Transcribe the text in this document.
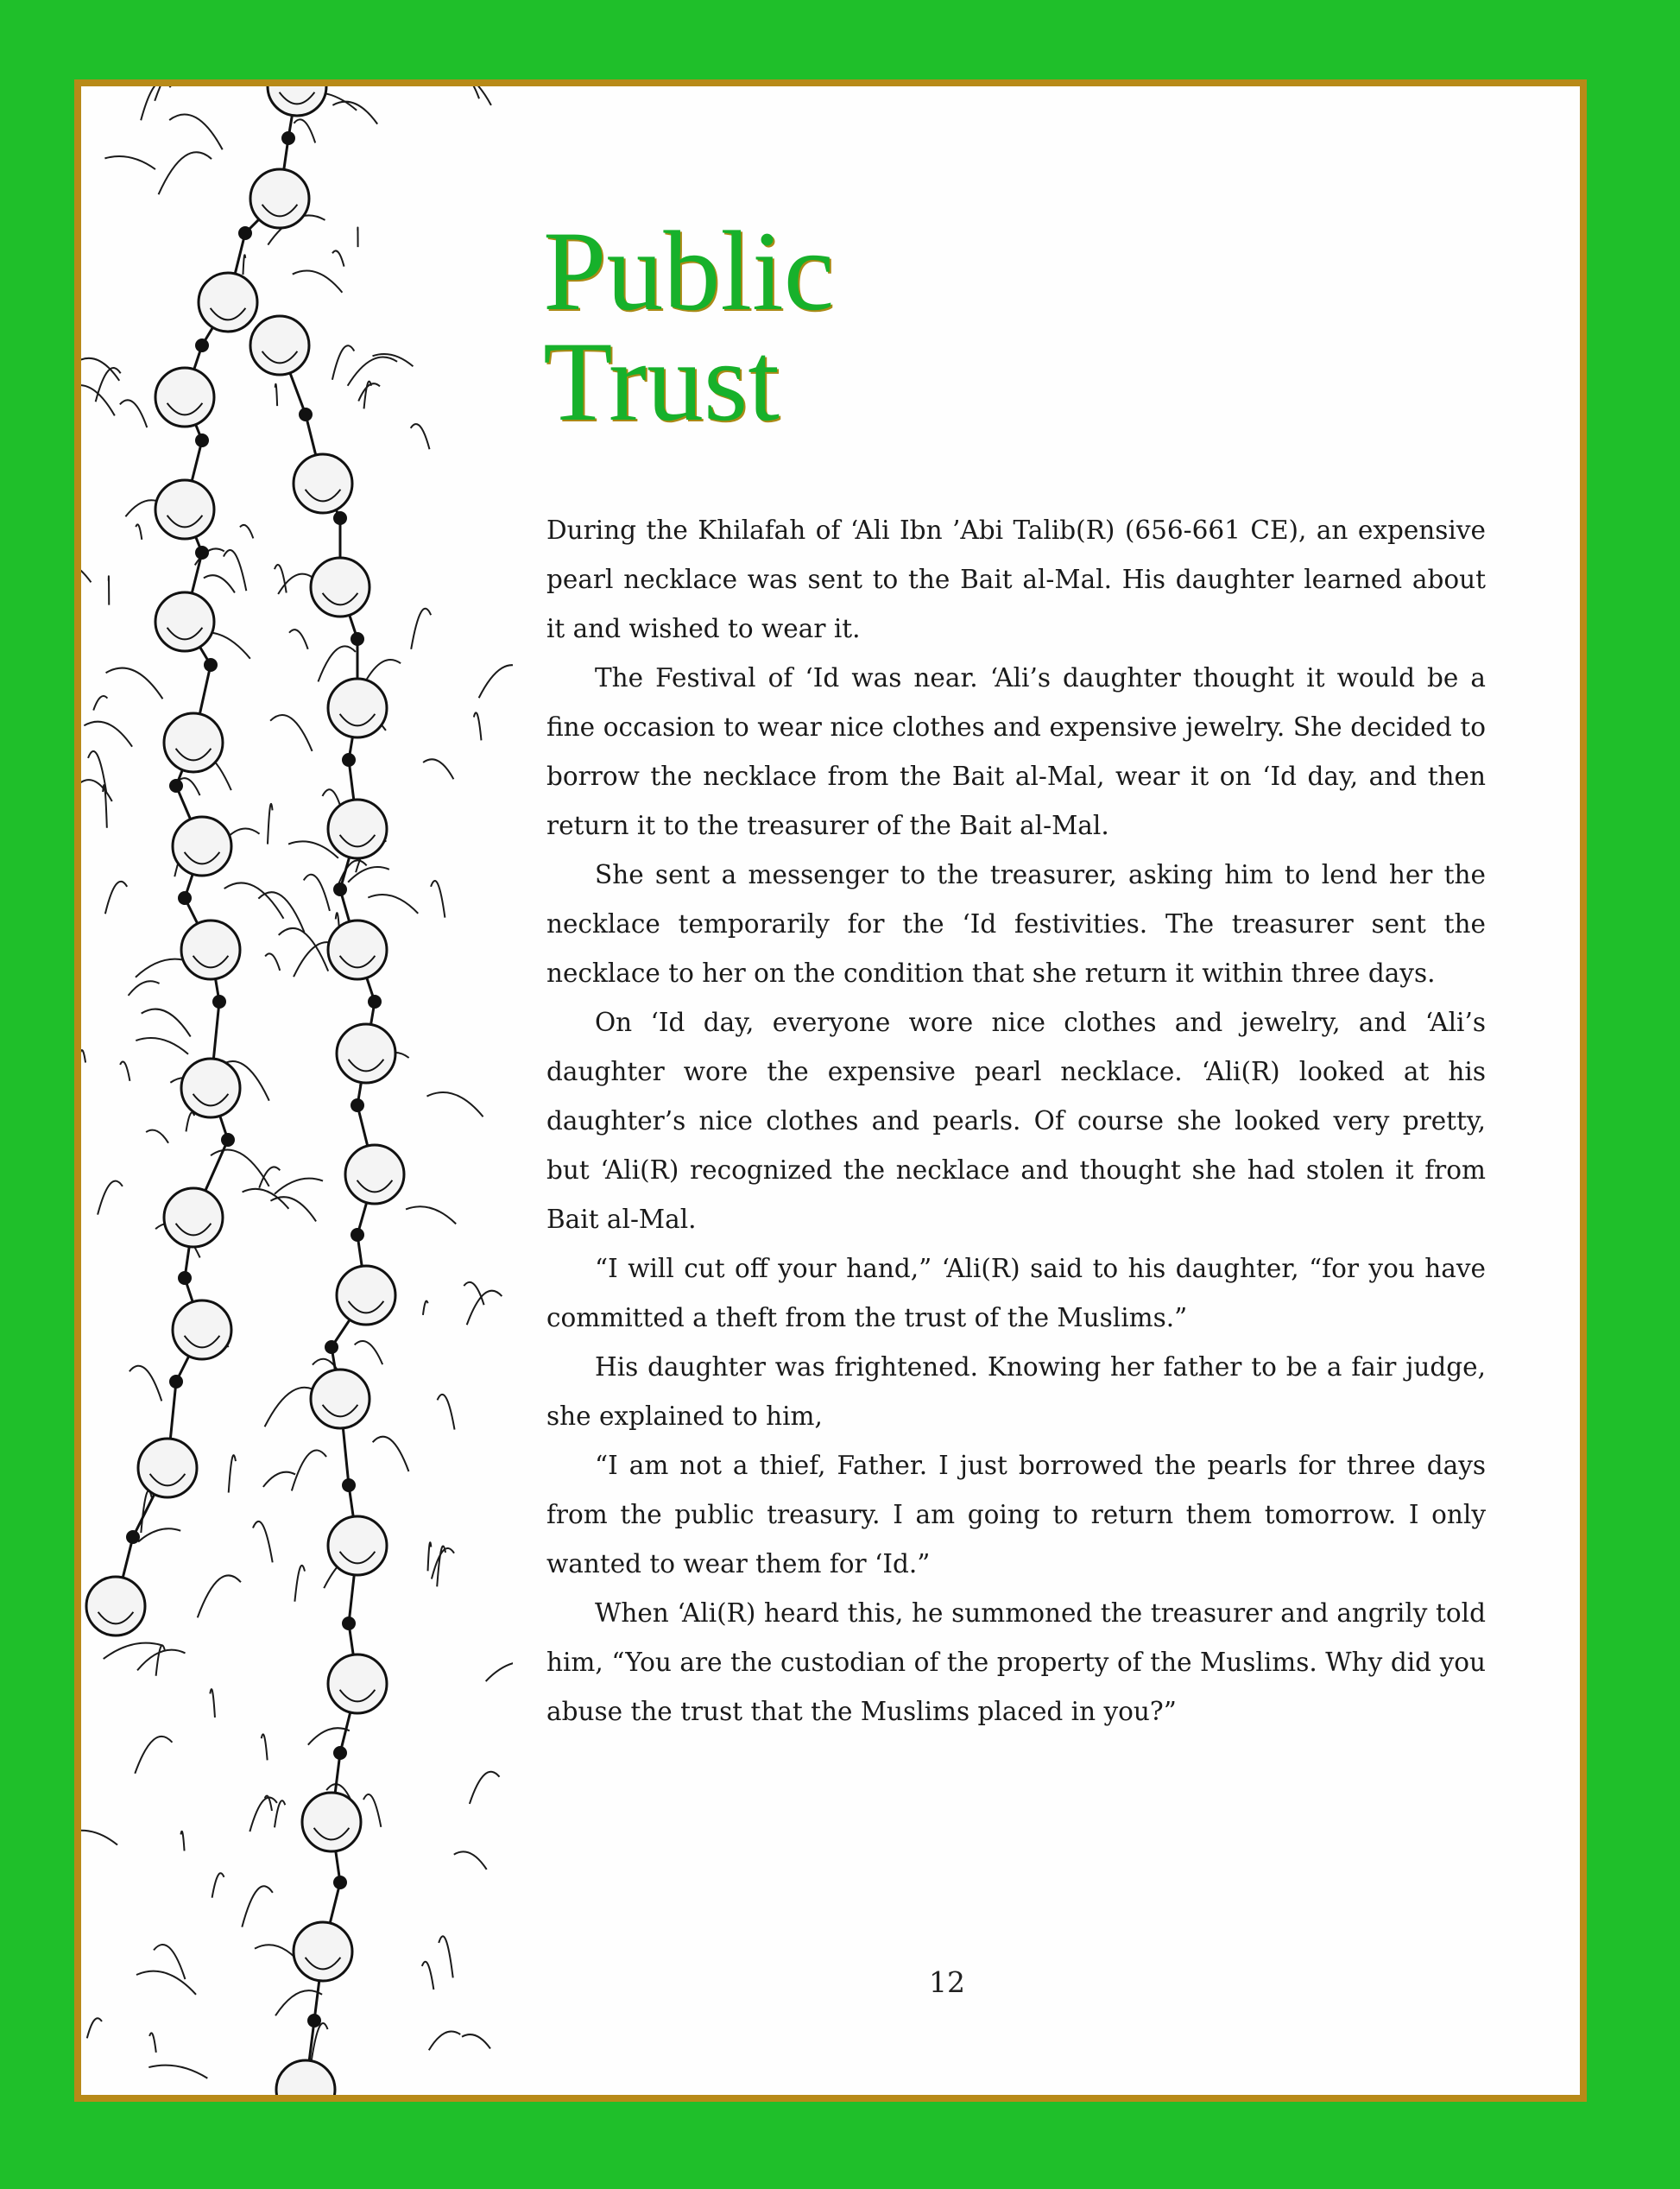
Public
Trust

During the Khilafah of ‘Ali Ibn ’Abi Talib(R) (656-661 CE), an expensive pearl necklace was sent to the Bait al-Mal. His daughter learned about it and wished to wear it.

The Festival of ‘Id was near. ‘Ali’s daughter thought it would be a fine occasion to wear nice clothes and expensive jewelry. She decided to borrow the necklace from the Bait al-Mal, wear it on ‘Id day, and then return it to the treasurer of the Bait al-Mal.

She sent a messenger to the treasurer, asking him to lend her the necklace temporarily for the ‘Id festivities. The treasurer sent the necklace to her on the condition that she return it within three days.

On ‘Id day, everyone wore nice clothes and jewelry, and ‘Ali’s daughter wore the expensive pearl necklace. ‘Ali(R) looked at his daughter’s nice clothes and pearls. Of course she looked very pretty, but ‘Ali(R) recognized the necklace and thought she had stolen it from Bait al-Mal.

“I will cut off your hand,” ‘Ali(R) said to his daughter, “for you have committed a theft from the trust of the Muslims.”

His daughter was frightened. Knowing her father to be a fair judge, she explained to him,

“I am not a thief, Father. I just borrowed the pearls for three days from the public treasury. I am going to return them tomorrow. I only wanted to wear them for ‘Id.”

When ‘Ali(R) heard this, he summoned the treasurer and angrily told him, “You are the custodian of the property of the Muslims. Why did you abuse the trust that the Muslims placed in you?”

12
